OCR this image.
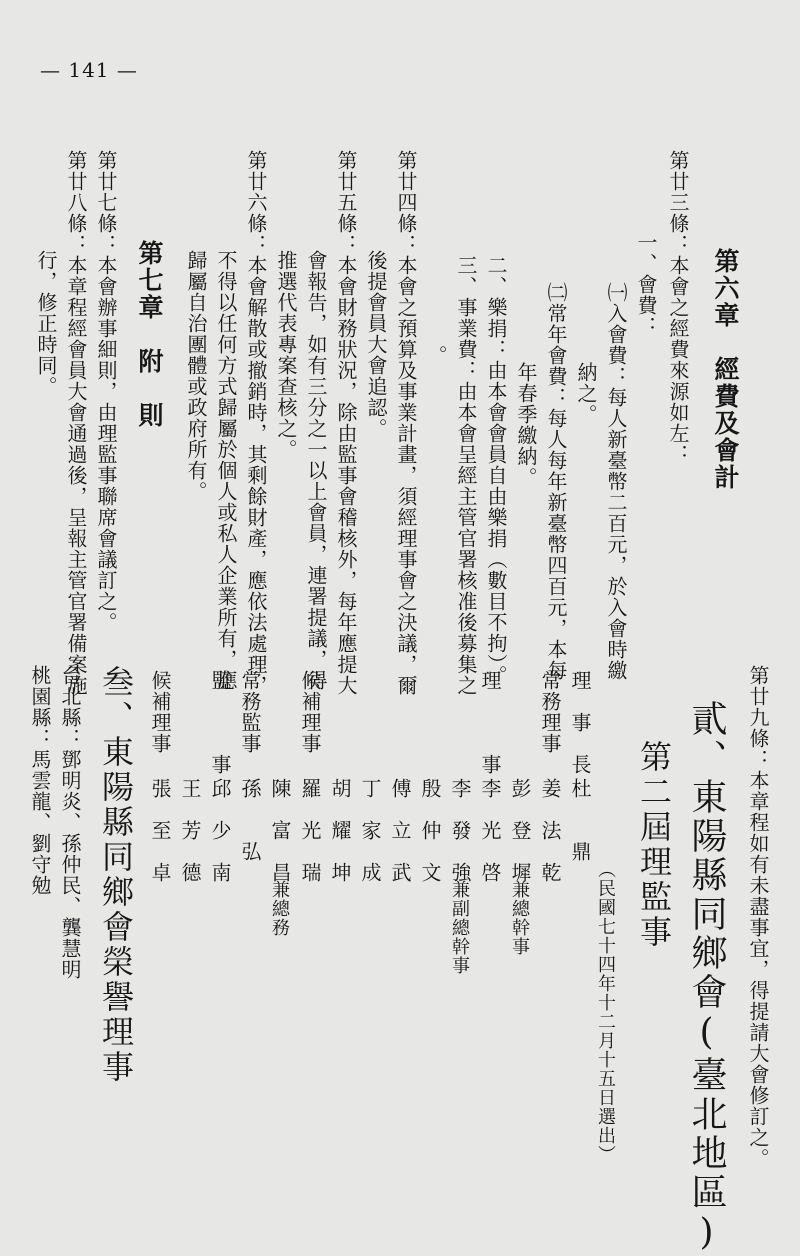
— 141 —
第六章　經費及會計
第廿三條：本會之經費來源如左：
一、會費：
㈠入會費：每人新臺幣二百元，於入會時繳
納之。
㈡常年會費：每人每年新臺幣四百元，本每
年春季繳納。
二、樂捐：由本會會員自由樂捐（數目不拘）。
三、事業費：由本會呈經主管官署核准後募集之
。
第廿四條：本會之預算及事業計畫，須經理事會之決議，爾
後提會員大會追認。
第廿五條：本會財務狀況，除由監事會稽核外，每年應提大
會報告，如有三分之一以上會員，連署提議，得
推選代表專案查核之。
第廿六條：本會解散或撤銷時，其剩餘財產，應依法處理，
不得以任何方式歸屬於個人或私人企業所有，應
歸屬自治團體或政府所有。
第七章　附　則
第廿七條：本會辦事細則，由理監事聯席會議訂之。
第廿八條：本章程經會員大會通過後，呈報主管官署備案施
行，修正時同。
第廿九條：本章程如有未盡事宜，得提請大會修訂之。
貳、東陽縣同鄉會(臺北地區)
第二屆理監事
（民國七十四年十二月十五日選出）
理　事　長
杜　　鼎
常務理事
姜　法　乾
彭　登　墀
兼總幹事
理　　　事
李　光　啓
李　發　強
兼副總幹事
殷　仲　文
傅　立　武
丁　家　成
胡　耀　坤
候補理事
羅　光　瑞
陳　富　昌
兼總務
常務監事
孫　　弘
監　　　事
邱　少　南
王　芳　德
候補理事
張　至　卓
叁、東陽縣同鄉會榮譽理事
台北縣：鄧明炎、孫仲民、龔慧明
桃園縣：馬雲龍、劉守勉
